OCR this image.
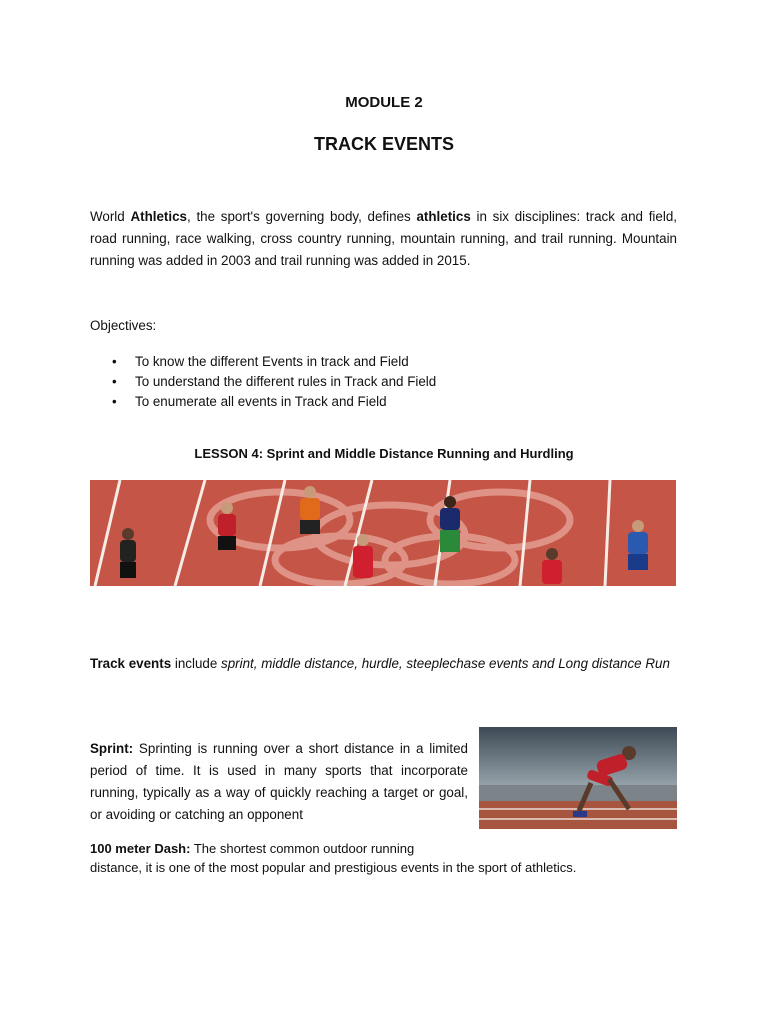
MODULE 2
TRACK EVENTS
World Athletics, the sport's governing body, defines athletics in six disciplines: track and field, road running, race walking, cross country running, mountain running, and trail running. Mountain running was added in 2003 and trail running was added in 2015.
Objectives:
• To know the different Events in track and Field
• To understand the different rules in Track and Field
• To enumerate all events in Track and Field
LESSON 4: Sprint and Middle Distance Running and Hurdling
Track events include sprint, middle distance, hurdle, steeplechase events and Long distance Run
Sprint: Sprinting is running over a short distance in a limited period of time. It is used in many sports that incorporate running, typically as a way of quickly reaching a target or goal, or avoiding or catching an opponent
100 meter Dash: The shortest common outdoor running
distance, it is one of the most popular and prestigious events in the sport of athletics.
